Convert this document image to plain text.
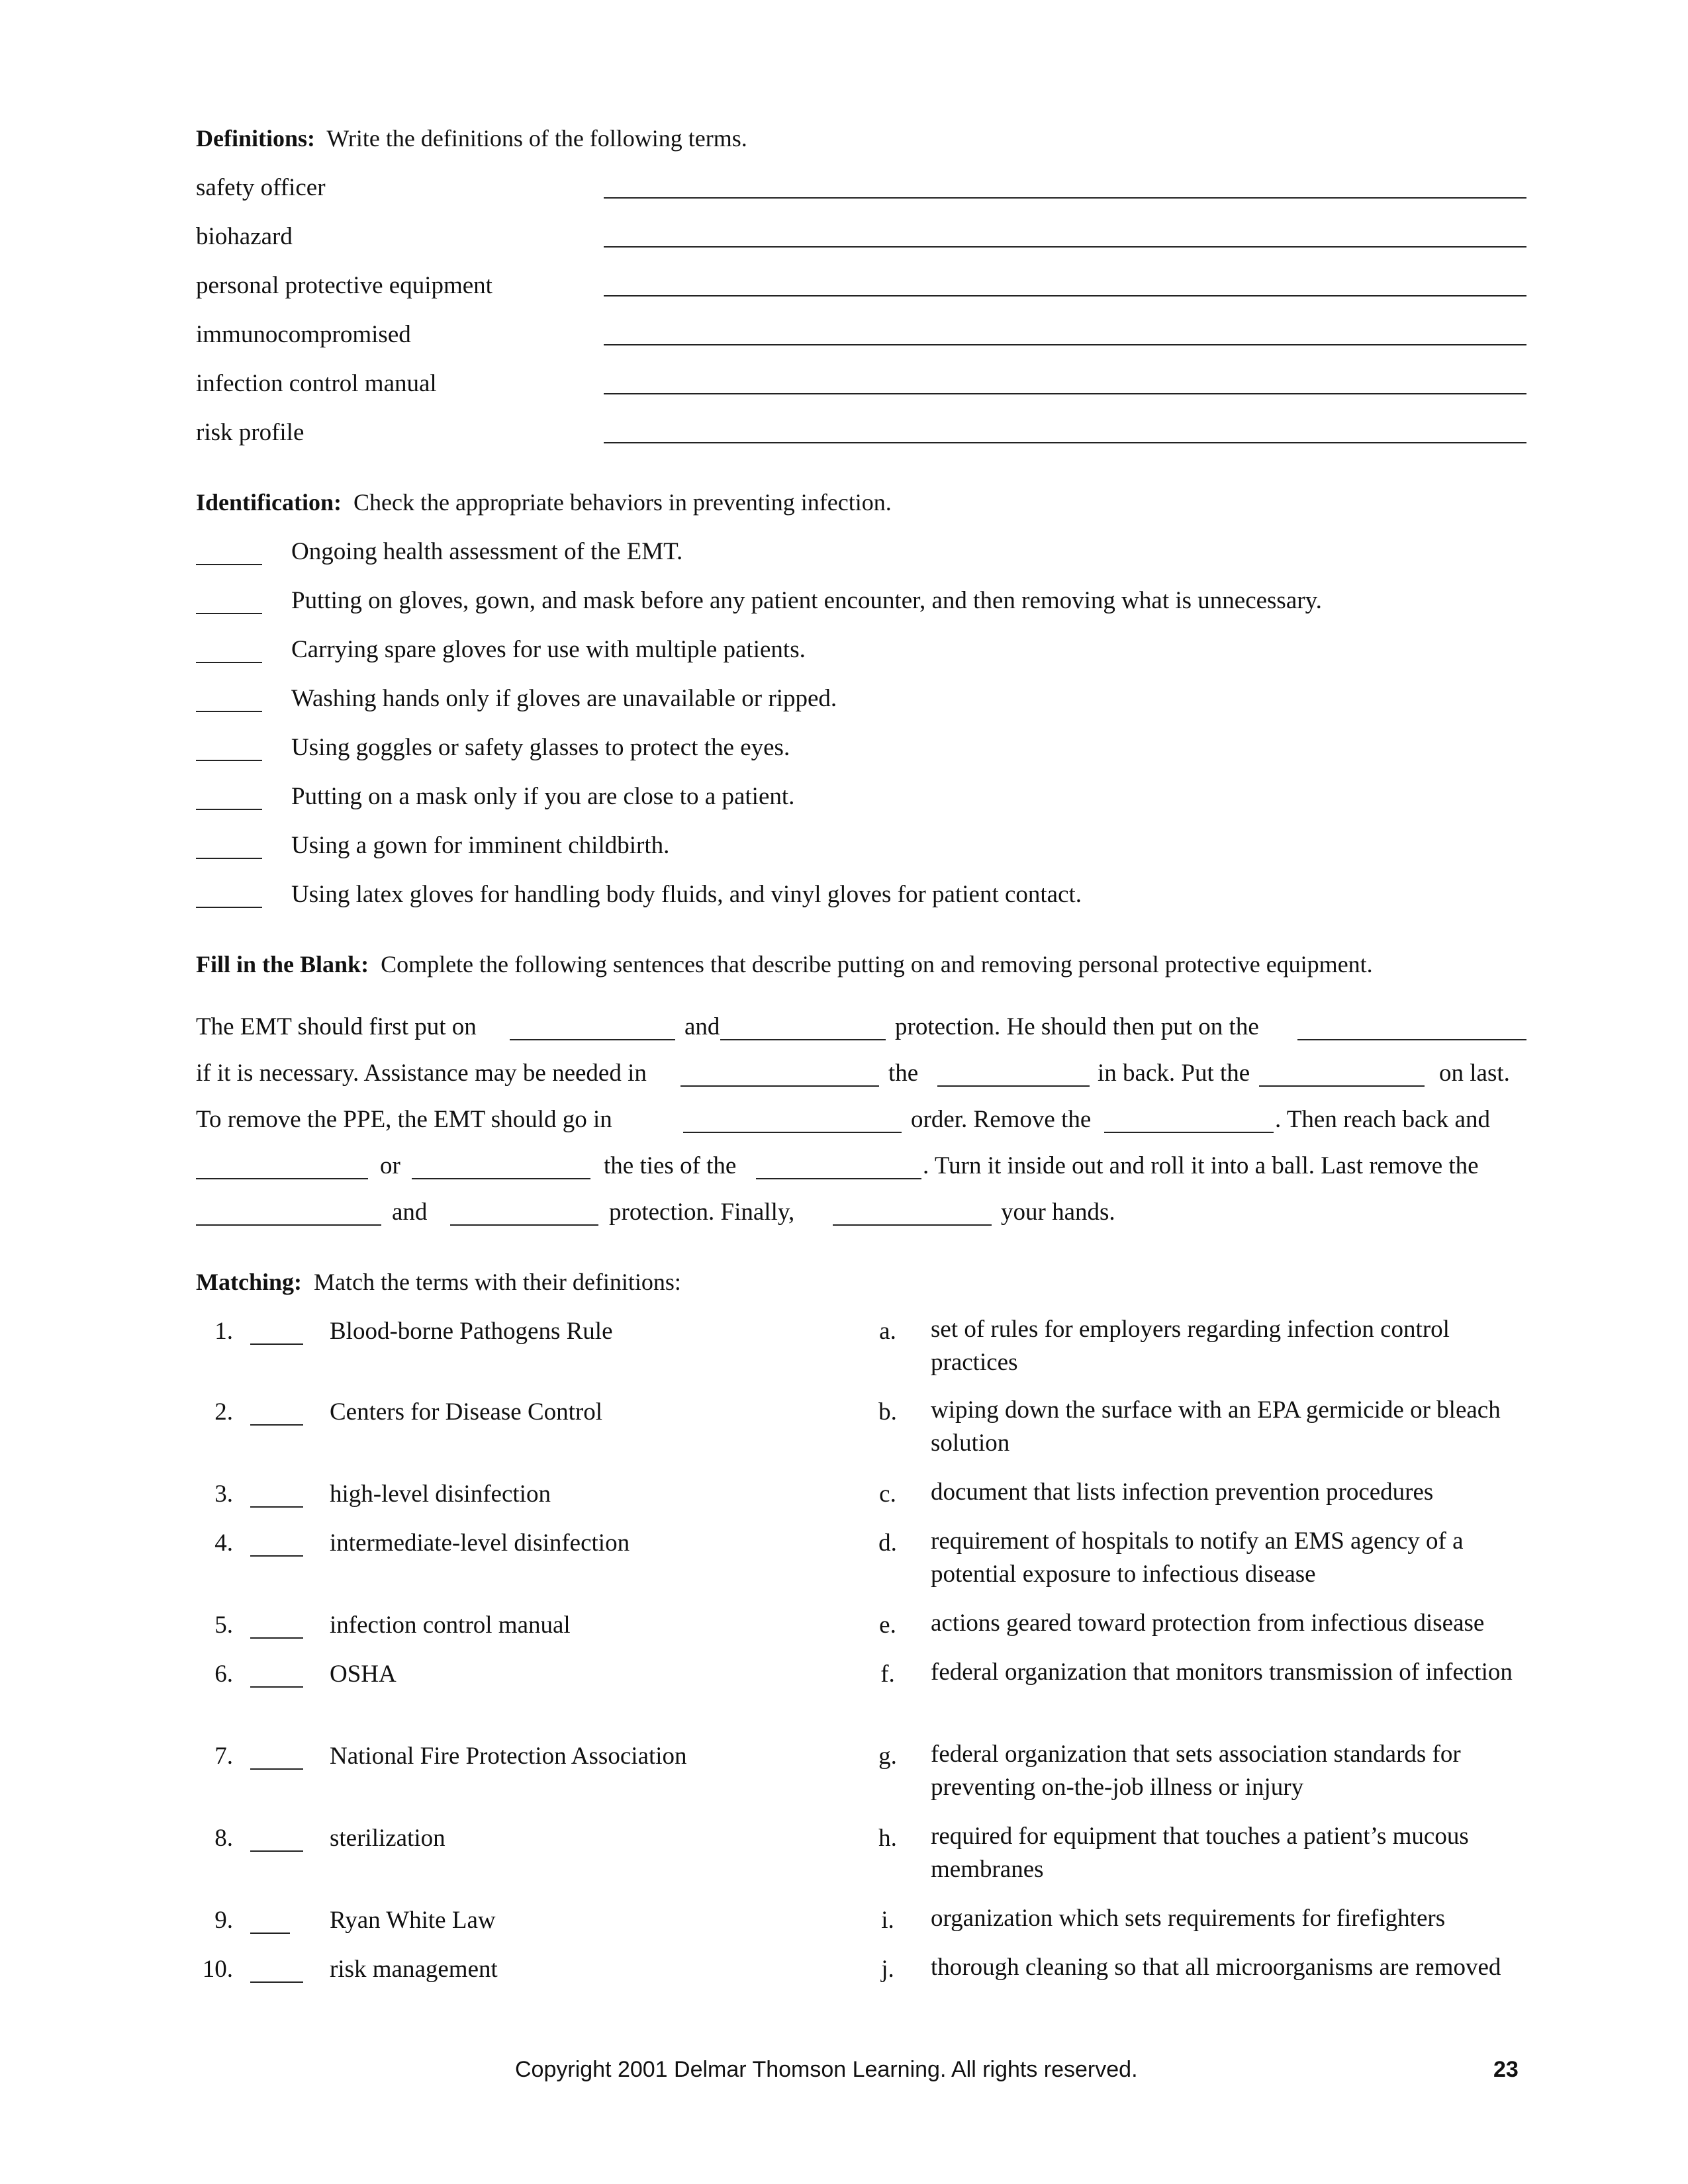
Definitions: Write the definitions of the following terms.
safety officer
biohazard
personal protective equipment
immunocompromised
infection control manual
risk profile
Identification: Check the appropriate behaviors in preventing infection.
Ongoing health assessment of the EMT.
Putting on gloves, gown, and mask before any patient encounter, and then removing what is unnecessary.
Carrying spare gloves for use with multiple patients.
Washing hands only if gloves are unavailable or ripped.
Using goggles or safety glasses to protect the eyes.
Putting on a mask only if you are close to a patient.
Using a gown for imminent childbirth.
Using latex gloves for handling body fluids, and vinyl gloves for patient contact.
Fill in the Blank: Complete the following sentences that describe putting on and removing personal protective equipment.
The EMT should first put on	and	protection. He should then put on the
if it is necessary. Assistance may be needed in	the	in back. Put the	on last.
To remove the PPE, the EMT should go in	order. Remove the	. Then reach back and
or	the ties of the	. Turn it inside out and roll it into a ball. Last remove the
and	protection. Finally,	your hands.
Matching: Match the terms with their definitions:
1.	Blood-borne Pathogens Rule	a.	set of rules for employers regarding infection control practices
2.	Centers for Disease Control	b.	wiping down the surface with an EPA germicide or bleach solution
3.	high-level disinfection	c.	document that lists infection prevention procedures
4.	intermediate-level disinfection	d.	requirement of hospitals to notify an EMS agency of a potential exposure to infectious disease
5.	infection control manual	e.	actions geared toward protection from infectious disease
6.	OSHA	f.	federal organization that monitors transmission of infection
7.	National Fire Protection Association	g.	federal organization that sets association standards for preventing on-the-job illness or injury
8.	sterilization	h.	required for equipment that touches a patient’s mucous membranes
9.	Ryan White Law	i.	organization which sets requirements for firefighters
10.	risk management	j.	thorough cleaning so that all microorganisms are removed
Copyright 2001 Delmar Thomson Learning. All rights reserved.	23
